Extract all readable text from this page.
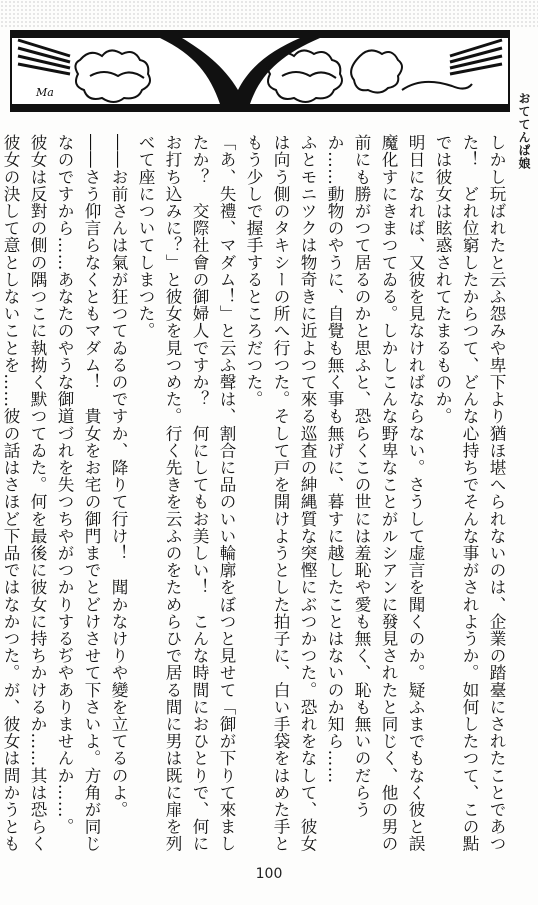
Ma	おててんぱ娘

しかし玩ばれたと云ふ怨みや卑下より猶ほ堪へられないのは、企業の踏臺にされたことであつた！　どれ位窮したからつて、どんな心持ちでそんな事がされようか。如何したつて、この點では彼女は眩惑されてたまるものか。

明日になれば、又彼を見なければならない。さうして虚言を聞くのか。疑ふまでもなく彼と誤魔化すにきまつてゐる。しかしこんな野卑なことがルシアンに發見されたと同じく、他の男の前にも勝がつて居るのかと思ふと、恐らくこの世には羞恥や愛も無く、恥も無いのだらうか……動物のやうに、自覺も無く事も無げに、暮すに越したことはないのか知ら……

ふとモニツクは物奇きに近よつて來る巡査の紳縄質な突慳にぶつかつた。恐れをなして、彼女は向う側のタキシーの所へ行つた。そして戸を開けようとした拍子に、白い手袋をはめた手ともう少しで握手するところだつた。

「あ、失禮、マダム！」と云ふ聲は、割合に品のいい輪廓をぼつと見せて「御が下りて來ましたか？　交際社會の御婦人ですか？　何にしてもお美しい！　こんな時間におひとりで、何にお打ち込みに？」と彼女を見つめた。行く先きを云ふのをためらひで居る間に男は既に扉を列べて座についてしまつた。

――お前さんは氣が狂つてゐるのですか、降りて行け！　聞かなけりや變を立てるのよ。

――さう仰言らなくともマダム！　貴女をお宅の御門までとどけさせて下さいよ。方角が同じなのですから……あなたのやうな御道づれを失つちやがつかりするぢやありませんか……。

彼女は反對の側の隅つこに執拗く默つてゐた。何を最後に彼女に持ちかけるか……其は恐らく彼女の決して意としないことを……彼の話はさほど下品ではなかつた。が、彼女は問かうとも

100
